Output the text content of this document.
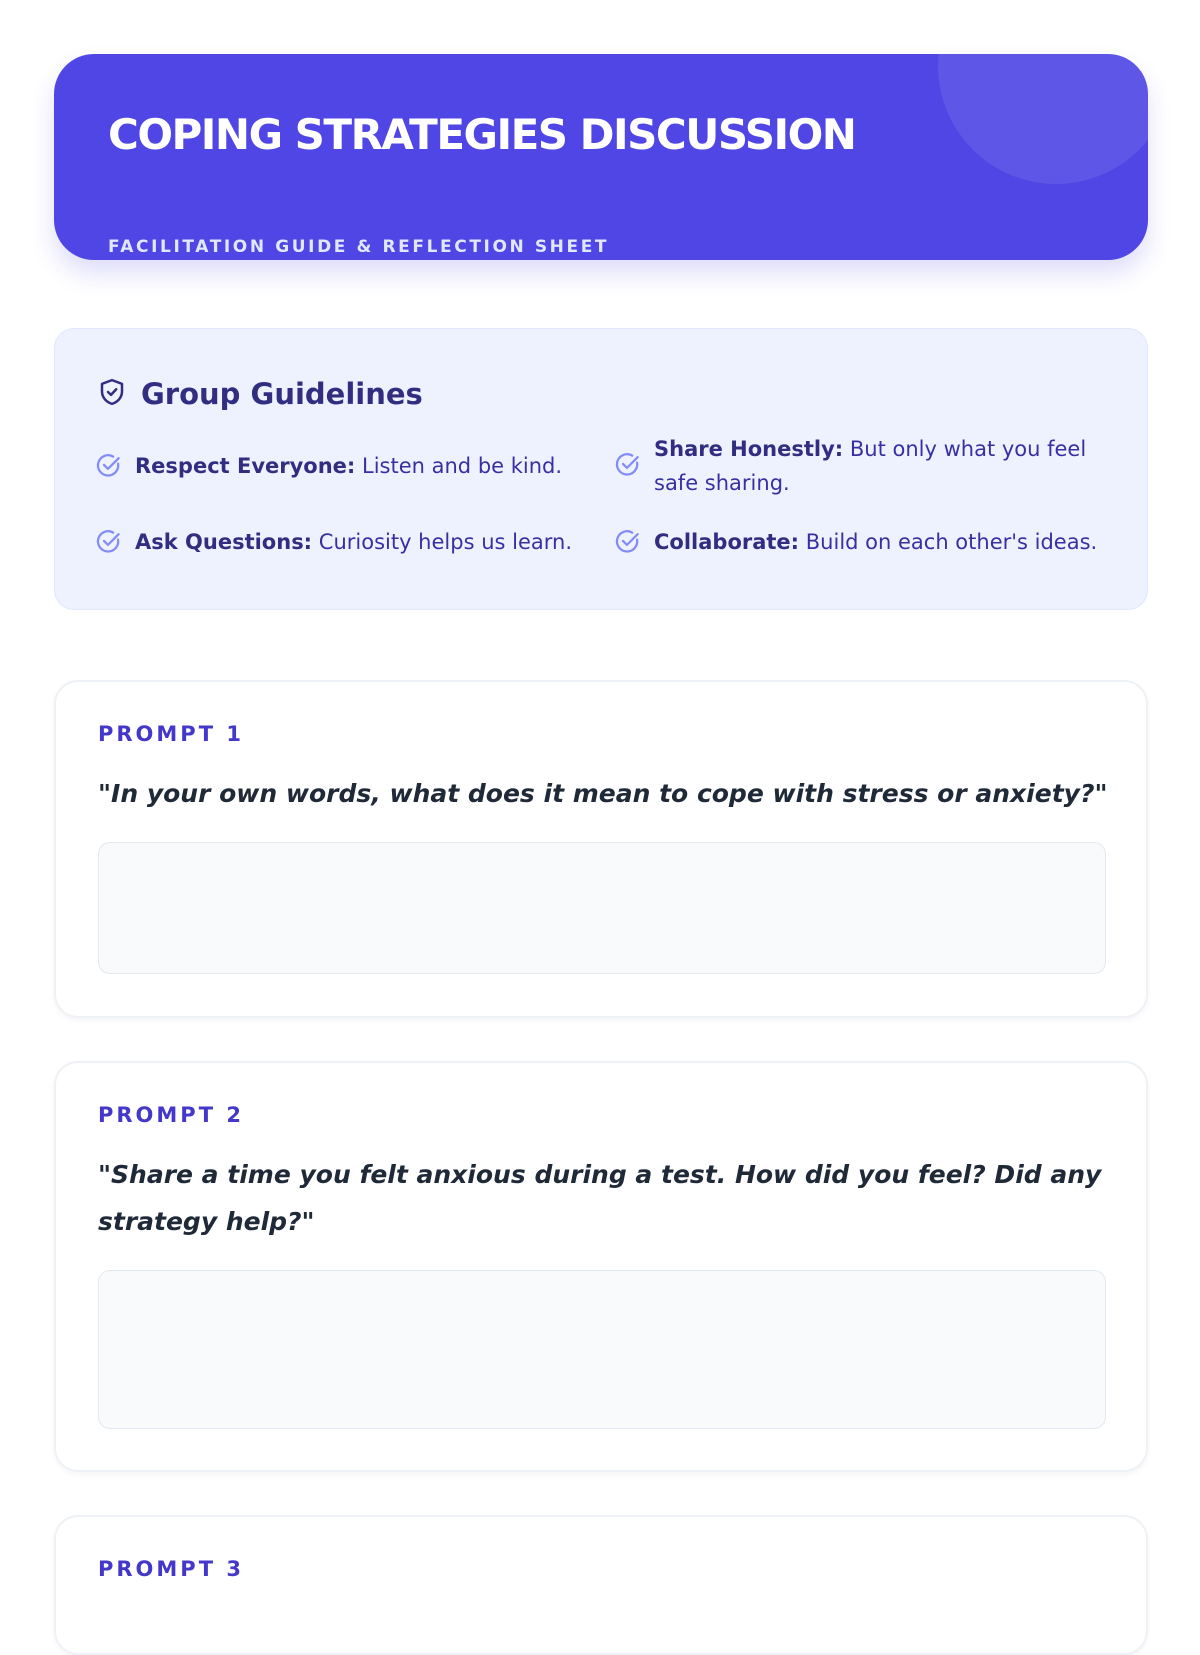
COPING STRATEGIES DISCUSSION
FACILITATION GUIDE & REFLECTION SHEET
Group Guidelines
Respect Everyone: Listen and be kind.
Share Honestly: But only what you feel safe sharing.
Ask Questions: Curiosity helps us learn.	Collaborate: Build on each other's ideas.
PROMPT 1

"In your own words, what does it mean to cope with stress or anxiety?"

PROMPT 2

"Share a time you felt anxious during a test. How did you feel? Did any strategy help?"

PROMPT 3
